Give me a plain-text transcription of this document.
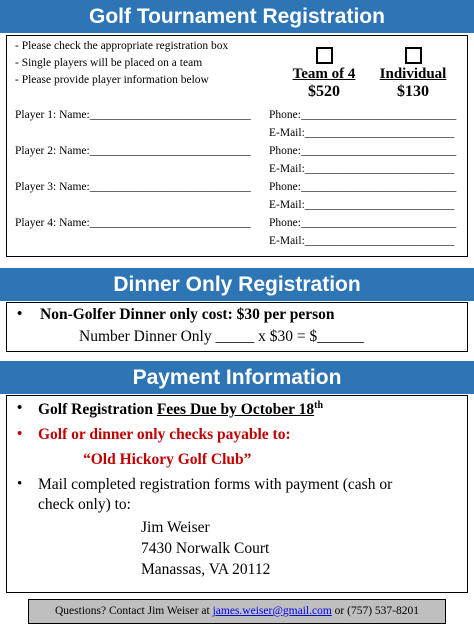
Golf Tournament Registration
- Please check the appropriate registration box
- Single players will be placed on a team
- Please provide player information below	Team of 4
$520
Individual
$130
Player 1: Name:____________________________ Phone:___________________________
E-Mail:__________________________
Player 2: Name:____________________________ Phone:___________________________
E-Mail:__________________________
Player 3: Name:____________________________ Phone:___________________________
E-Mail:__________________________
Player 4: Name:____________________________ Phone:___________________________
E-Mail:__________________________
Dinner Only Registration
• Non-Golfer Dinner only cost: $30 per person
Number Dinner Only _____ x $30 = $______
Payment Information
• Golf Registration Fees Due by October 18th
• Golf or dinner only checks payable to:
“Old Hickory Golf Club”
• Mail completed registration forms with payment (cash or
check only) to:
Jim Weiser
7430 Norwalk Court
Manassas, VA 20112
Questions? Contact Jim Weiser at james.weiser@gmail.com or (757) 537-8201
